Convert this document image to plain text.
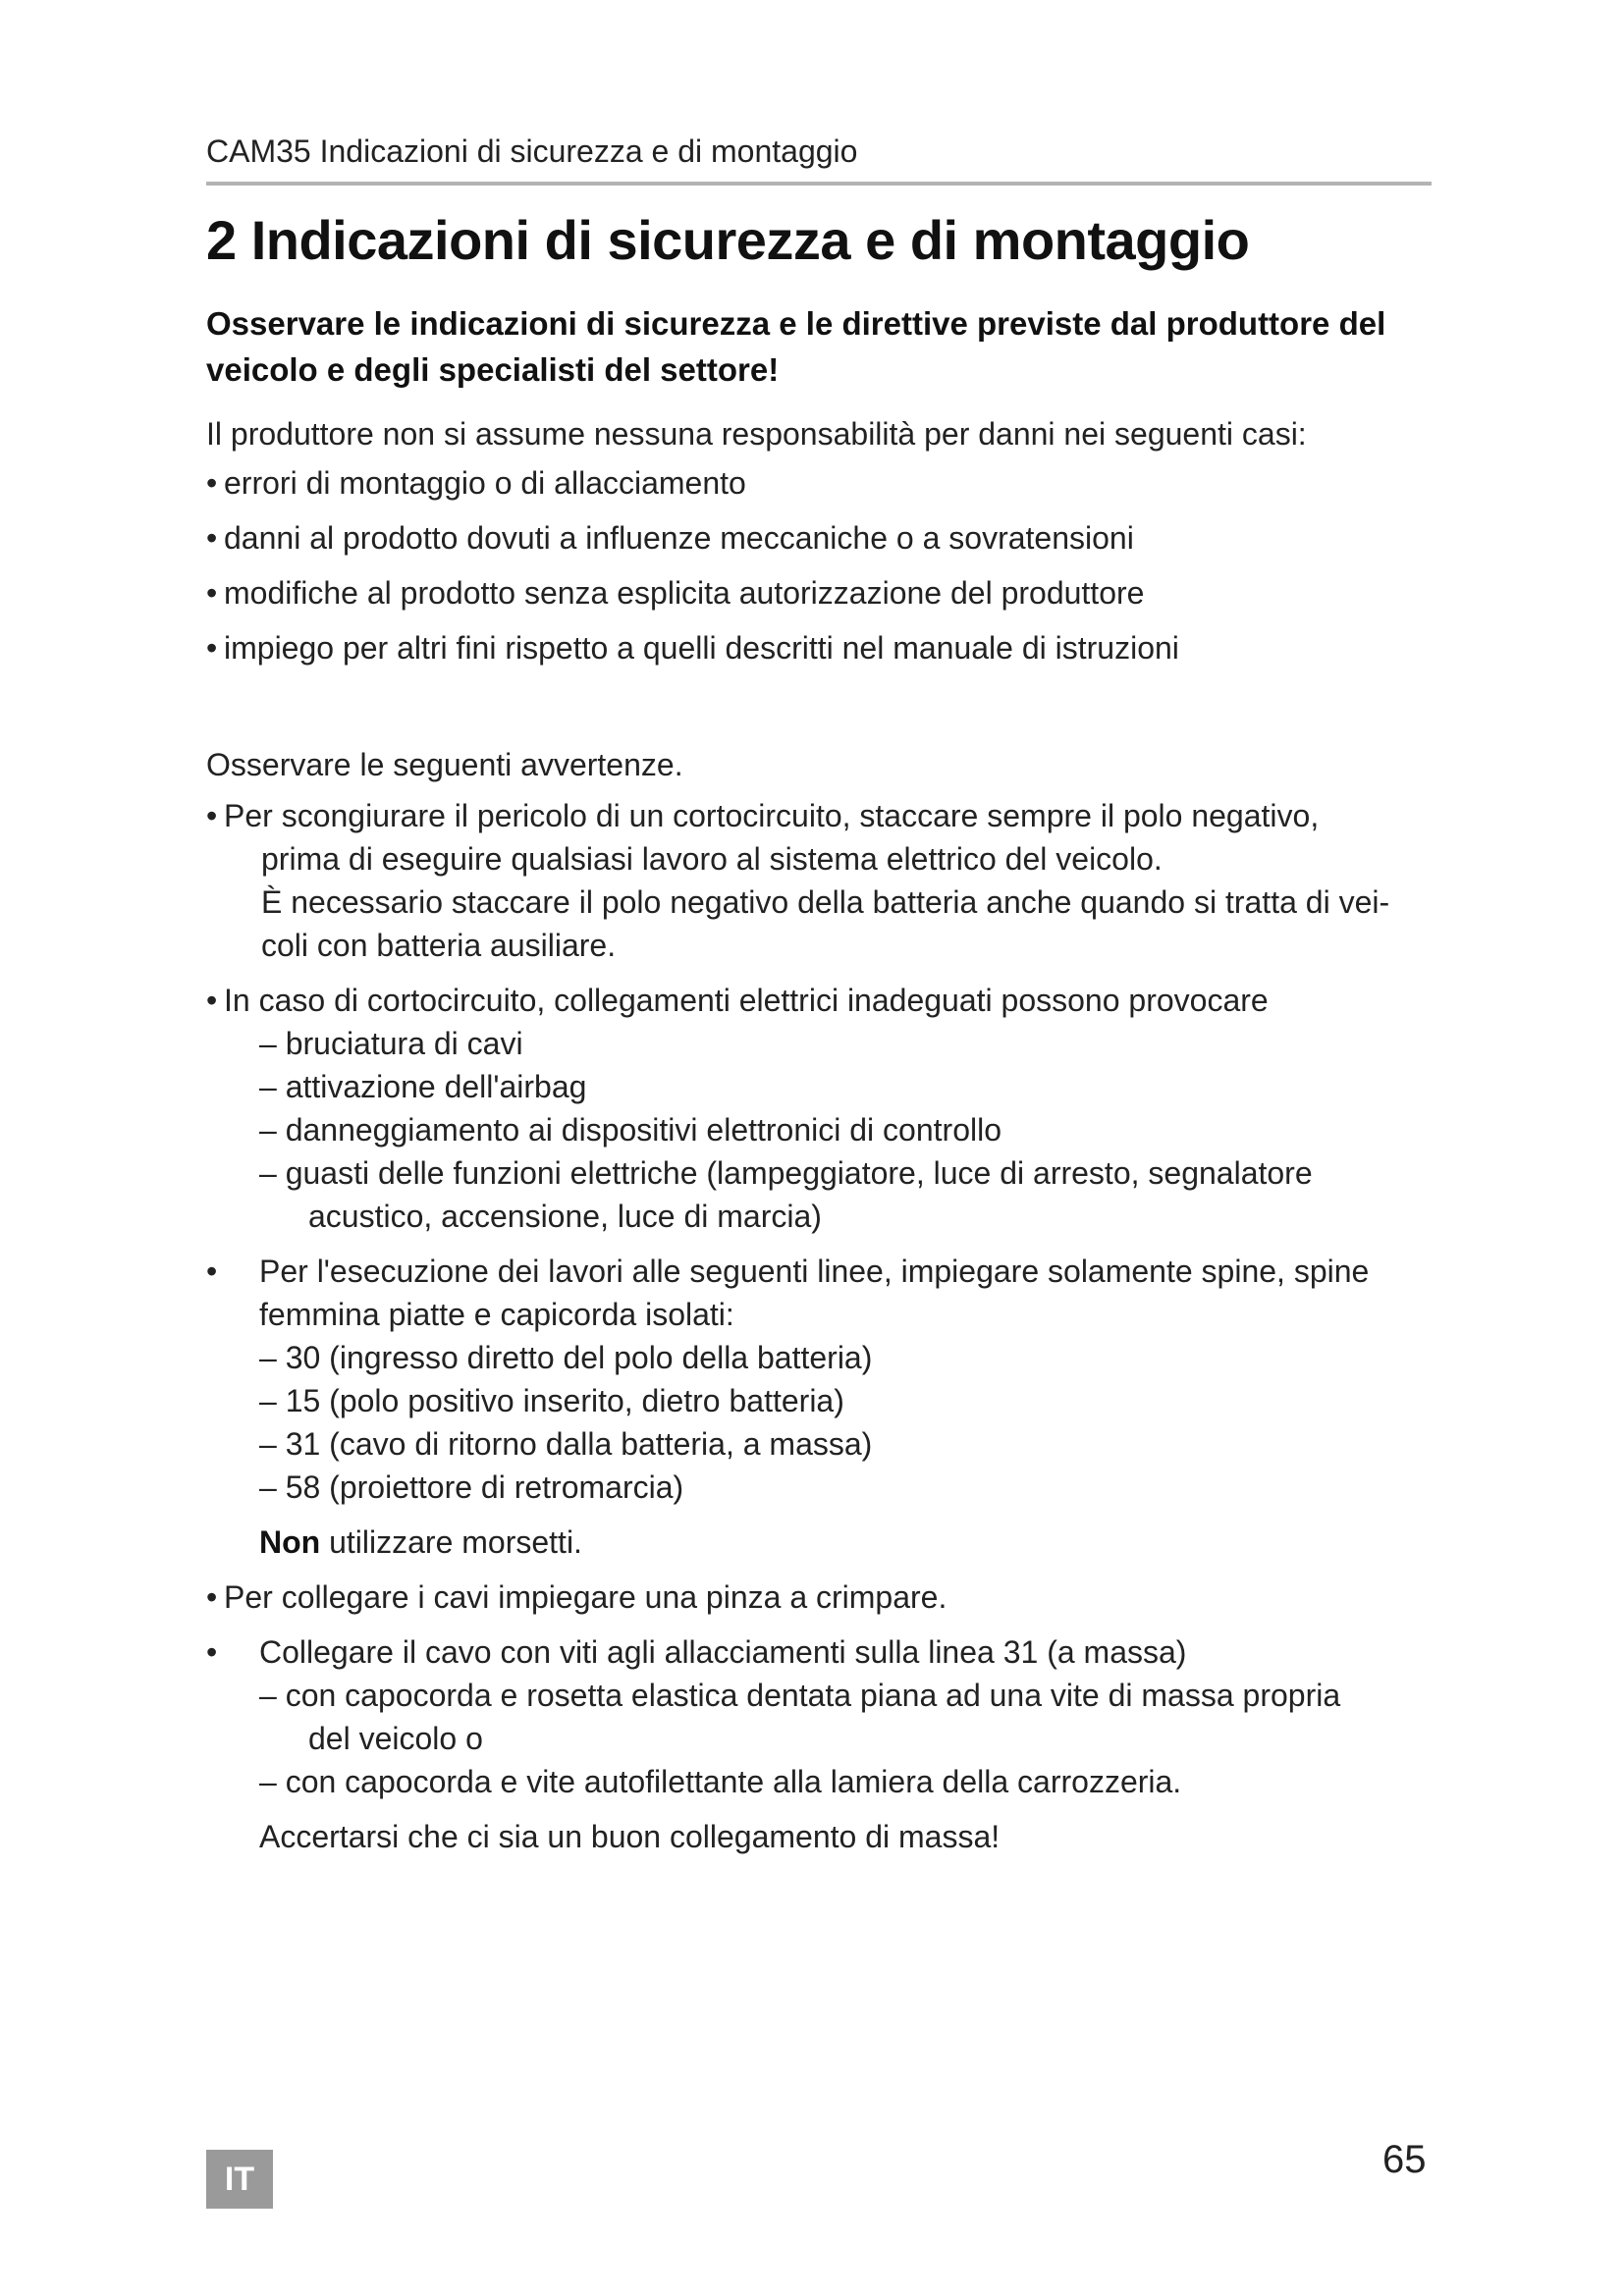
CAM35 Indicazioni di sicurezza e di montaggio
2 Indicazioni di sicurezza e di montaggio

Osservare le indicazioni di sicurezza e le direttive previste dal produttore del veicolo e degli specialisti del settore!

Il produttore non si assume nessuna responsabilità per danni nei seguenti casi:
• errori di montaggio o di allacciamento
• danni al prodotto dovuti a influenze meccaniche o a sovratensioni
• modifiche al prodotto senza esplicita autorizzazione del produttore
• impiego per altri fini rispetto a quelli descritti nel manuale di istruzioni
Osservare le seguenti avvertenze.
• Per scongiurare il pericolo di un cortocircuito, staccare sempre il polo negativo,
prima di eseguire qualsiasi lavoro al sistema elettrico del veicolo.
È necessario staccare il polo negativo della batteria anche quando si tratta di vei-
coli con batteria ausiliare.
• In caso di cortocircuito, collegamenti elettrici inadeguati possono provocare
– bruciatura di cavi
– attivazione dell'airbag
– danneggiamento ai dispositivi elettronici di controllo
– guasti delle funzioni elettriche (lampeggiatore, luce di arresto, segnalatore
acustico, accensione, luce di marcia)
•	Per l'esecuzione dei lavori alle seguenti linee, impiegare solamente spine, spine
femmina piatte e capicorda isolati:
– 30 (ingresso diretto del polo della batteria)
– 15 (polo positivo inserito, dietro batteria)
– 31 (cavo di ritorno dalla batteria, a massa)
– 58 (proiettore di retromarcia)
Non utilizzare morsetti.
• Per collegare i cavi impiegare una pinza a crimpare.
•	Collegare il cavo con viti agli allacciamenti sulla linea 31 (a massa)
– con capocorda e rosetta elastica dentata piana ad una vite di massa propria
del veicolo o
– con capocorda e vite autofilettante alla lamiera della carrozzeria.
Accertarsi che ci sia un buon collegamento di massa!
IT	65
